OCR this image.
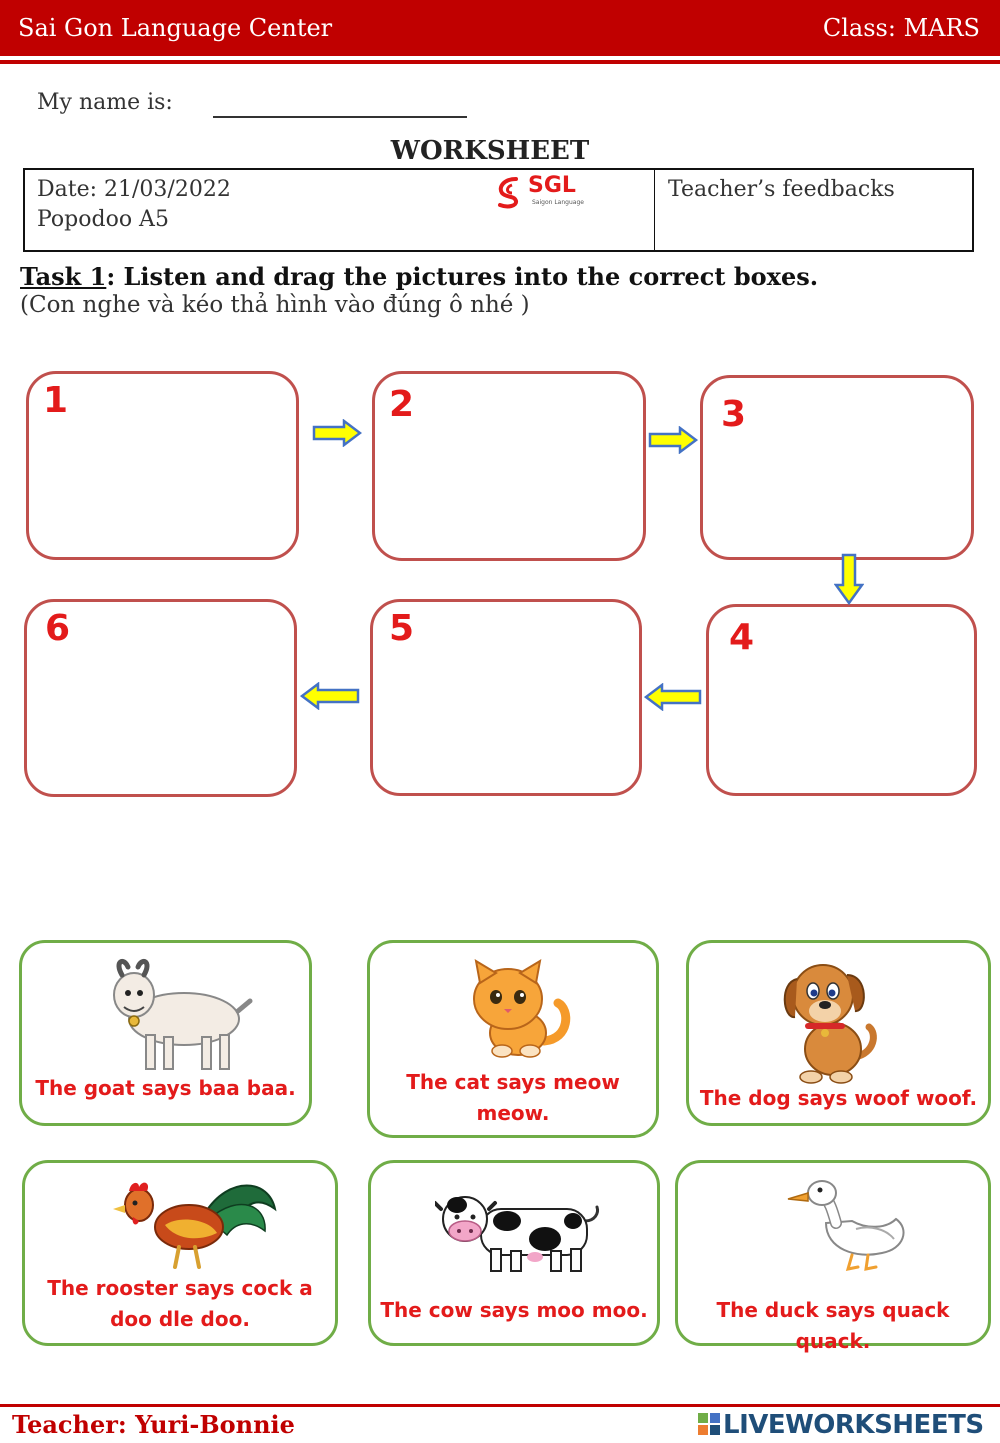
Sai Gon Language Center	Class: MARS
My name is:
WORKSHEET
Date: 21/03/2022
Popodoo A5
Teacher’s feedbacks
SGL
Saigon Language
Task 1: Listen and drag the pictures into the correct boxes.
(Con nghe và kéo thả hình vào đúng ô nhé )
1	2	3
4
5
6
The goat says baa baa.	The cat says meow meow.
The dog says woof woof.
The rooster says cock a doo dle doo.	The cow says moo moo.	The duck says quack quack.
Teacher: Yuri-Bonnie	LIVEWORKSHEETS
